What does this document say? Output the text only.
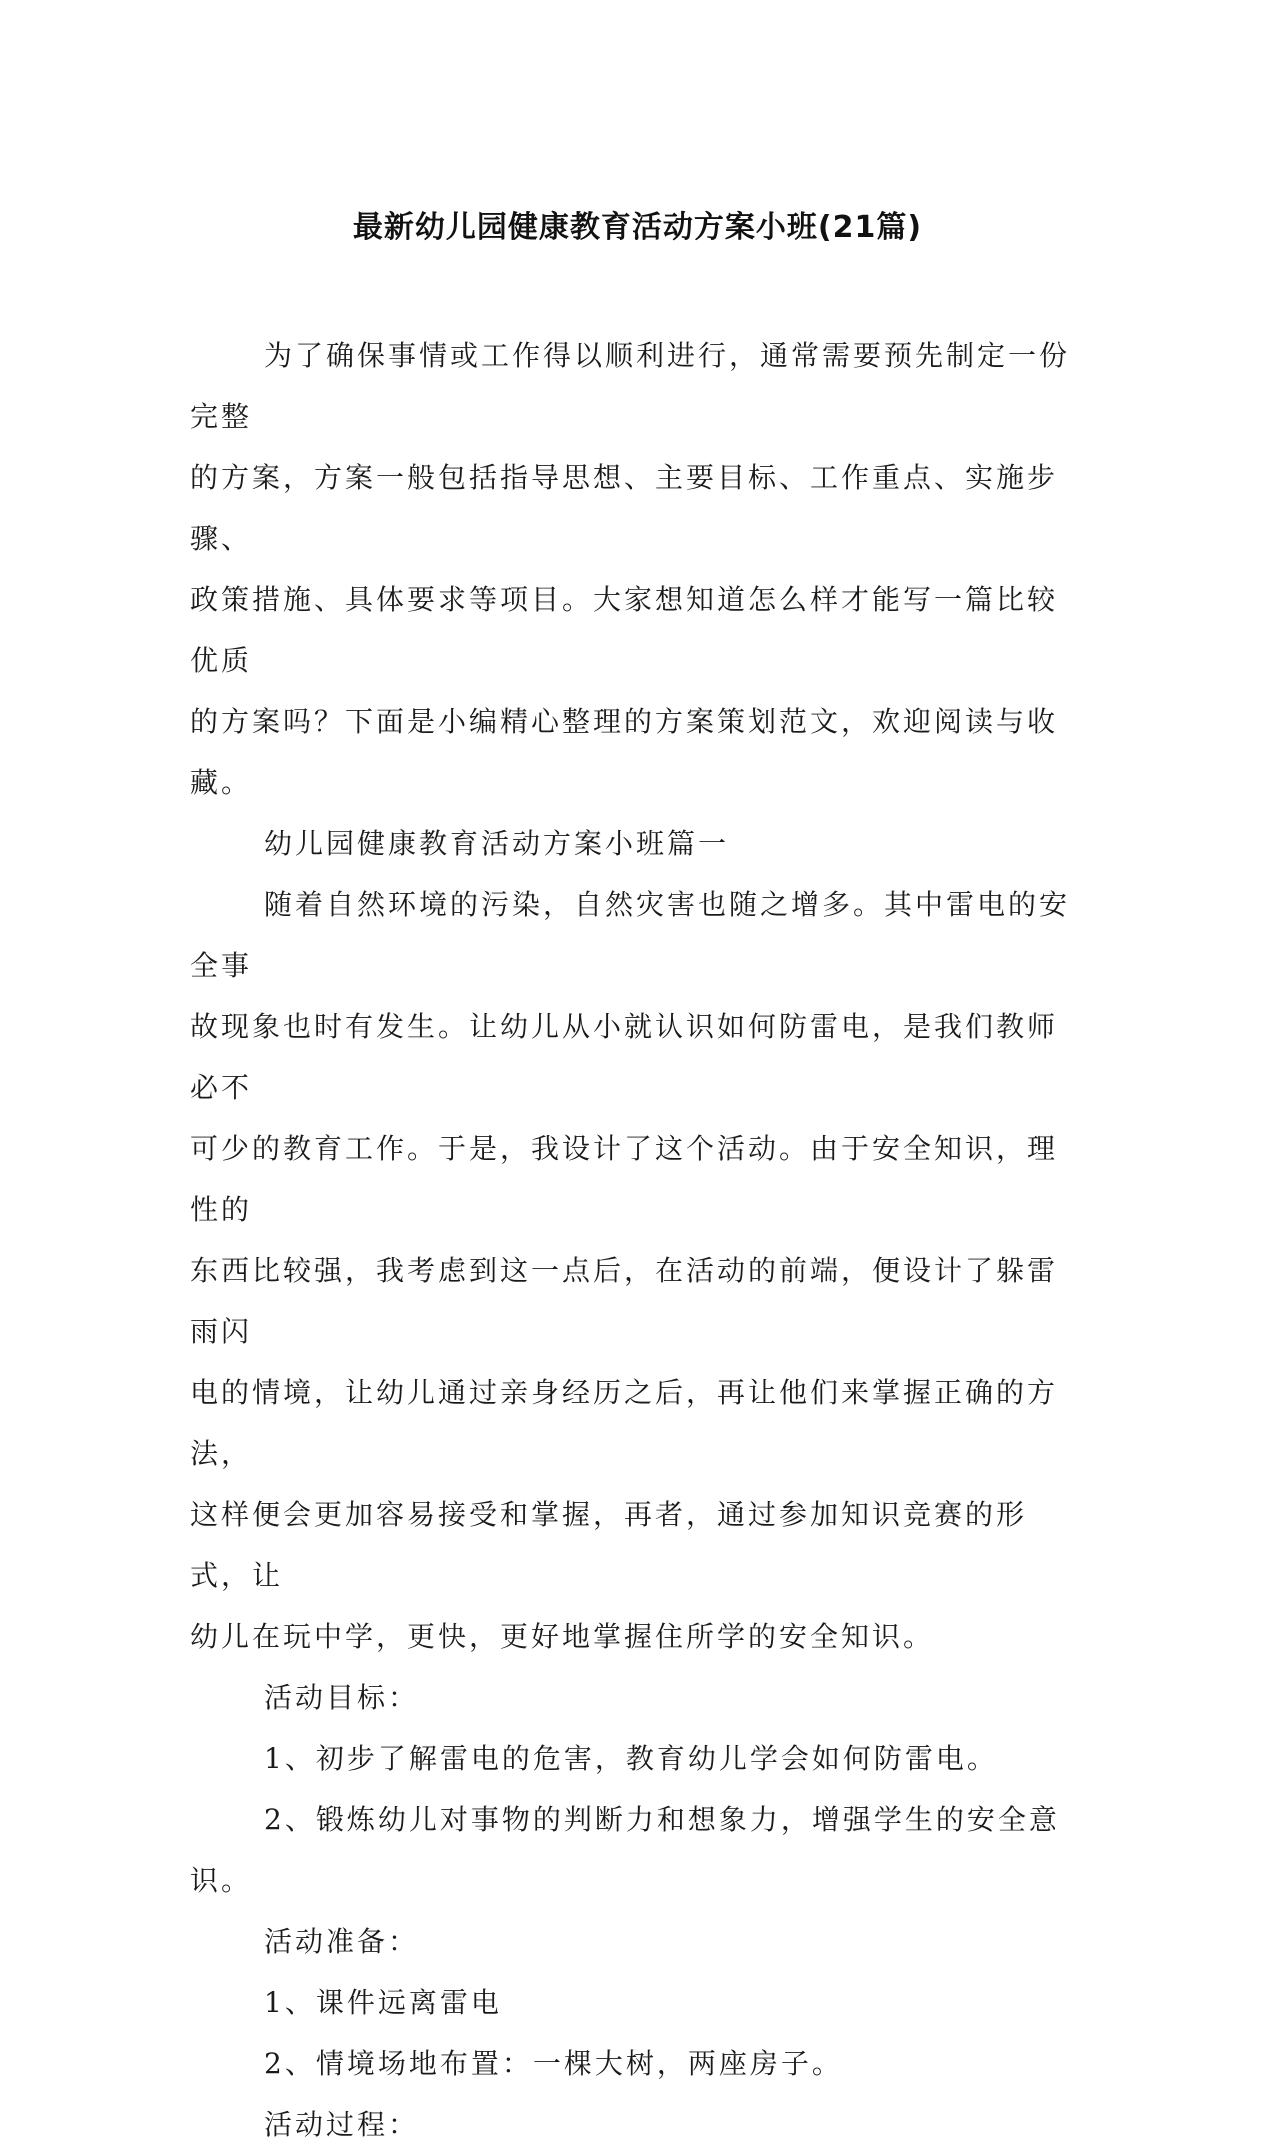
最新幼儿园健康教育活动方案小班(21篇)

为了确保事情或工作得以顺利进行，通常需要预先制定一份完整

的方案，方案一般包括指导思想、主要目标、工作重点、实施步骤、

政策措施、具体要求等项目。大家想知道怎么样才能写一篇比较优质

的方案吗？下面是小编精心整理的方案策划范文，欢迎阅读与收藏。

幼儿园健康教育活动方案小班篇一

随着自然环境的污染，自然灾害也随之增多。其中雷电的安全事

故现象也时有发生。让幼儿从小就认识如何防雷电，是我们教师必不

可少的教育工作。于是，我设计了这个活动。由于安全知识，理性的

东西比较强，我考虑到这一点后，在活动的前端，便设计了躲雷雨闪

电的情境，让幼儿通过亲身经历之后，再让他们来掌握正确的方法，

这样便会更加容易接受和掌握，再者，通过参加知识竞赛的形式，让

幼儿在玩中学，更快，更好地掌握住所学的安全知识。

活动目标：

1、初步了解雷电的危害，教育幼儿学会如何防雷电。

2、锻炼幼儿对事物的判断力和想象力，增强学生的安全意识。

活动准备：

1、课件远离雷电

2、情境场地布置：一棵大树，两座房子。

活动过程：
